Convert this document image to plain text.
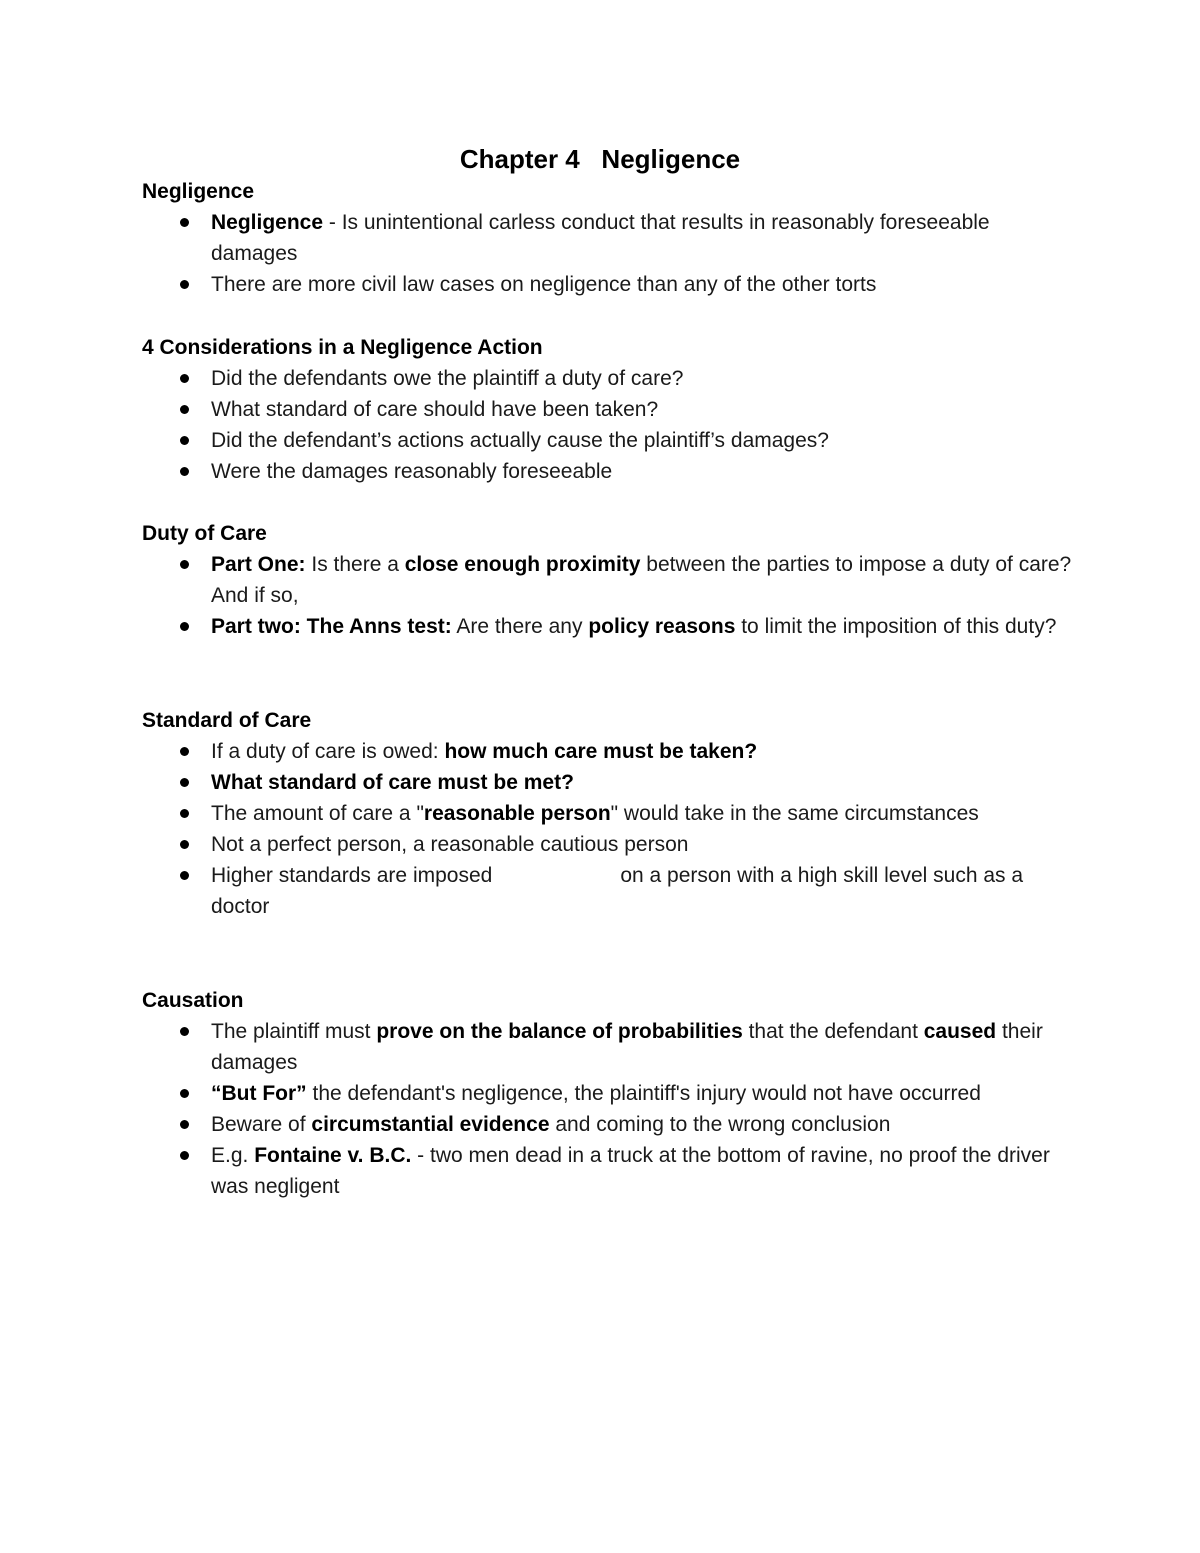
Chapter 4   Negligence
Negligence
Negligence - Is unintentional carless conduct that results in reasonably foreseeable damages
There are more civil law cases on negligence than any of the other torts
4 Considerations in a Negligence Action
Did the defendants owe the plaintiff a duty of care?
What standard of care should have been taken?
Did the defendant’s actions actually cause the plaintiff’s damages?
Were the damages reasonably foreseeable
Duty of Care
Part One: Is there a close enough proximity between the parties to impose a duty of care? And if so,
Part two: The Anns test: Are there any policy reasons to limit the imposition of this duty?
Standard of Care
If a duty of care is owed: how much care must be taken?
What standard of care must be met?
The amount of care a "reasonable person" would take in the same circumstances
Not a perfect person, a reasonable cautious person
Higher standards are imposed	on a person with a high skill level such as a doctor
Causation
The plaintiff must prove on the balance of probabilities that the defendant caused their damages
“But For” the defendant's negligence, the plaintiff's injury would not have occurred
Beware of circumstantial evidence and coming to the wrong conclusion
E.g. Fontaine v. B.C. - two men dead in a truck at the bottom of ravine, no proof the driver was negligent
